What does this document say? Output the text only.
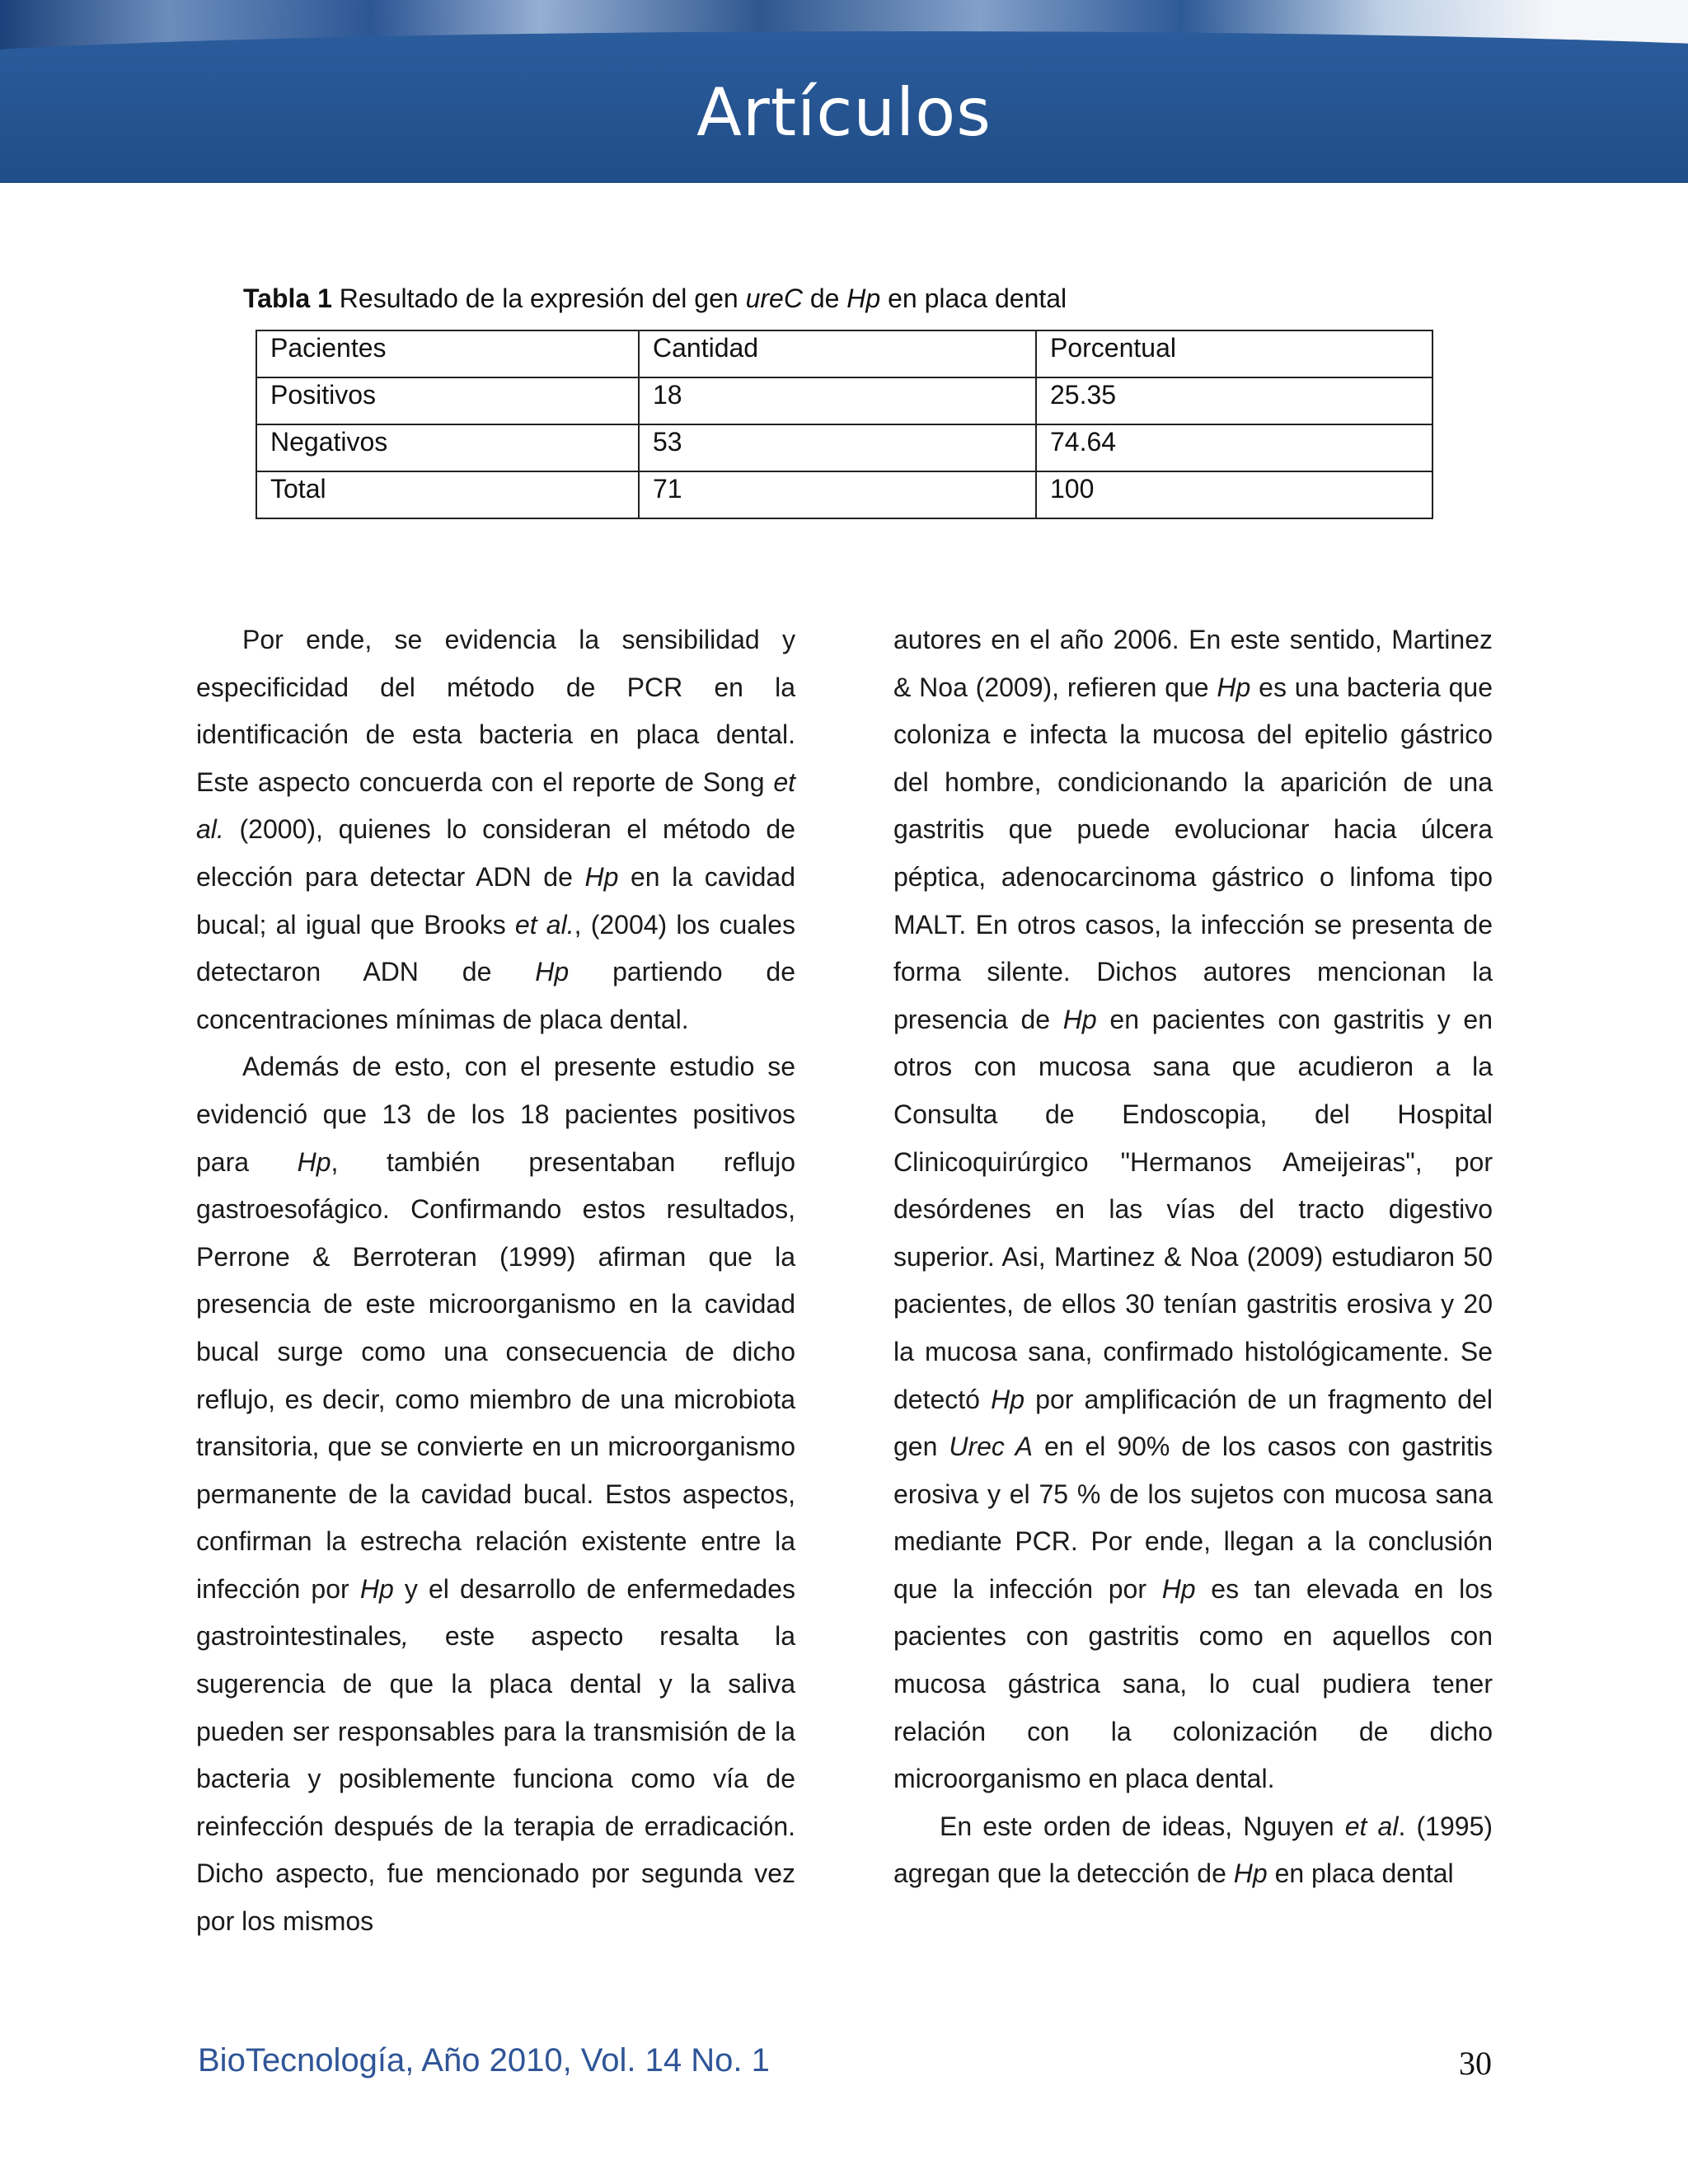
Artículos
Tabla 1 Resultado de la expresión del gen ureC de Hp en placa dental
Pacientes	Cantidad	Porcentual
Positivos	18	25.35
Negativos	53	74.64
Total	71	100

Por ende, se evidencia la sensibilidad y especificidad del método de PCR en la identificación de esta bacteria en placa dental. Este aspecto concuerda con el reporte de Song et al. (2000), quienes lo consideran el método de elección para detectar ADN de Hp en la cavidad bucal; al igual que Brooks et al., (2004) los cuales detectaron ADN de Hp partiendo de concentraciones mínimas de placa dental.

Además de esto, con el presente estudio se evidenció que 13 de los 18 pacientes positivos para Hp, también presentaban reflujo gastroesofágico. Confirmando estos resultados, Perrone & Berroteran (1999) afirman que la presencia de este microorganismo en la cavidad bucal surge como una consecuencia de dicho reflujo, es decir, como miembro de una microbiota transitoria, que se convierte en un microorganismo permanente de la cavidad bucal. Estos aspectos, confirman la estrecha relación existente entre la infección por Hp y el desarrollo de enfermedades gastrointestinales, este aspecto resalta la sugerencia de que la placa dental y la saliva pueden ser responsables para la transmisión de la bacteria y posiblemente funciona como vía de reinfección después de la terapia de erradicación. Dicho aspecto, fue mencionado por segunda vez por los mismos

autores en el año 2006. En este sentido, Martinez & Noa (2009), refieren que Hp es una bacteria que coloniza e infecta la mucosa del epitelio gástrico del hombre, condicionando la aparición de una gastritis que puede evolucionar hacia úlcera péptica, adenocarcinoma gástrico o linfoma tipo MALT. En otros casos, la infección se presenta de forma silente. Dichos autores mencionan la presencia de Hp en pacientes con gastritis y en otros con mucosa sana que acudieron a la Consulta de Endoscopia, del Hospital Clinicoquirúrgico "Hermanos Ameijeiras", por desórdenes en las vías del tracto digestivo superior. Asi, Martinez & Noa (2009) estudiaron 50 pacientes, de ellos 30 tenían gastritis erosiva y 20 la mucosa sana, confirmado histológicamente. Se detectó Hp por amplificación de un fragmento del gen Urec A en el 90% de los casos con gastritis erosiva y el 75 % de los sujetos con mucosa sana mediante PCR. Por ende, llegan a la conclusión que la infección por Hp es tan elevada en los pacientes con gastritis como en aquellos con mucosa gástrica sana, lo cual pudiera tener relación con la colonización de dicho microorganismo en placa dental.

En este orden de ideas, Nguyen et al. (1995) agregan que la detección de Hp en placa dental

BioTecnología, Año 2010, Vol. 14 No. 1	30
